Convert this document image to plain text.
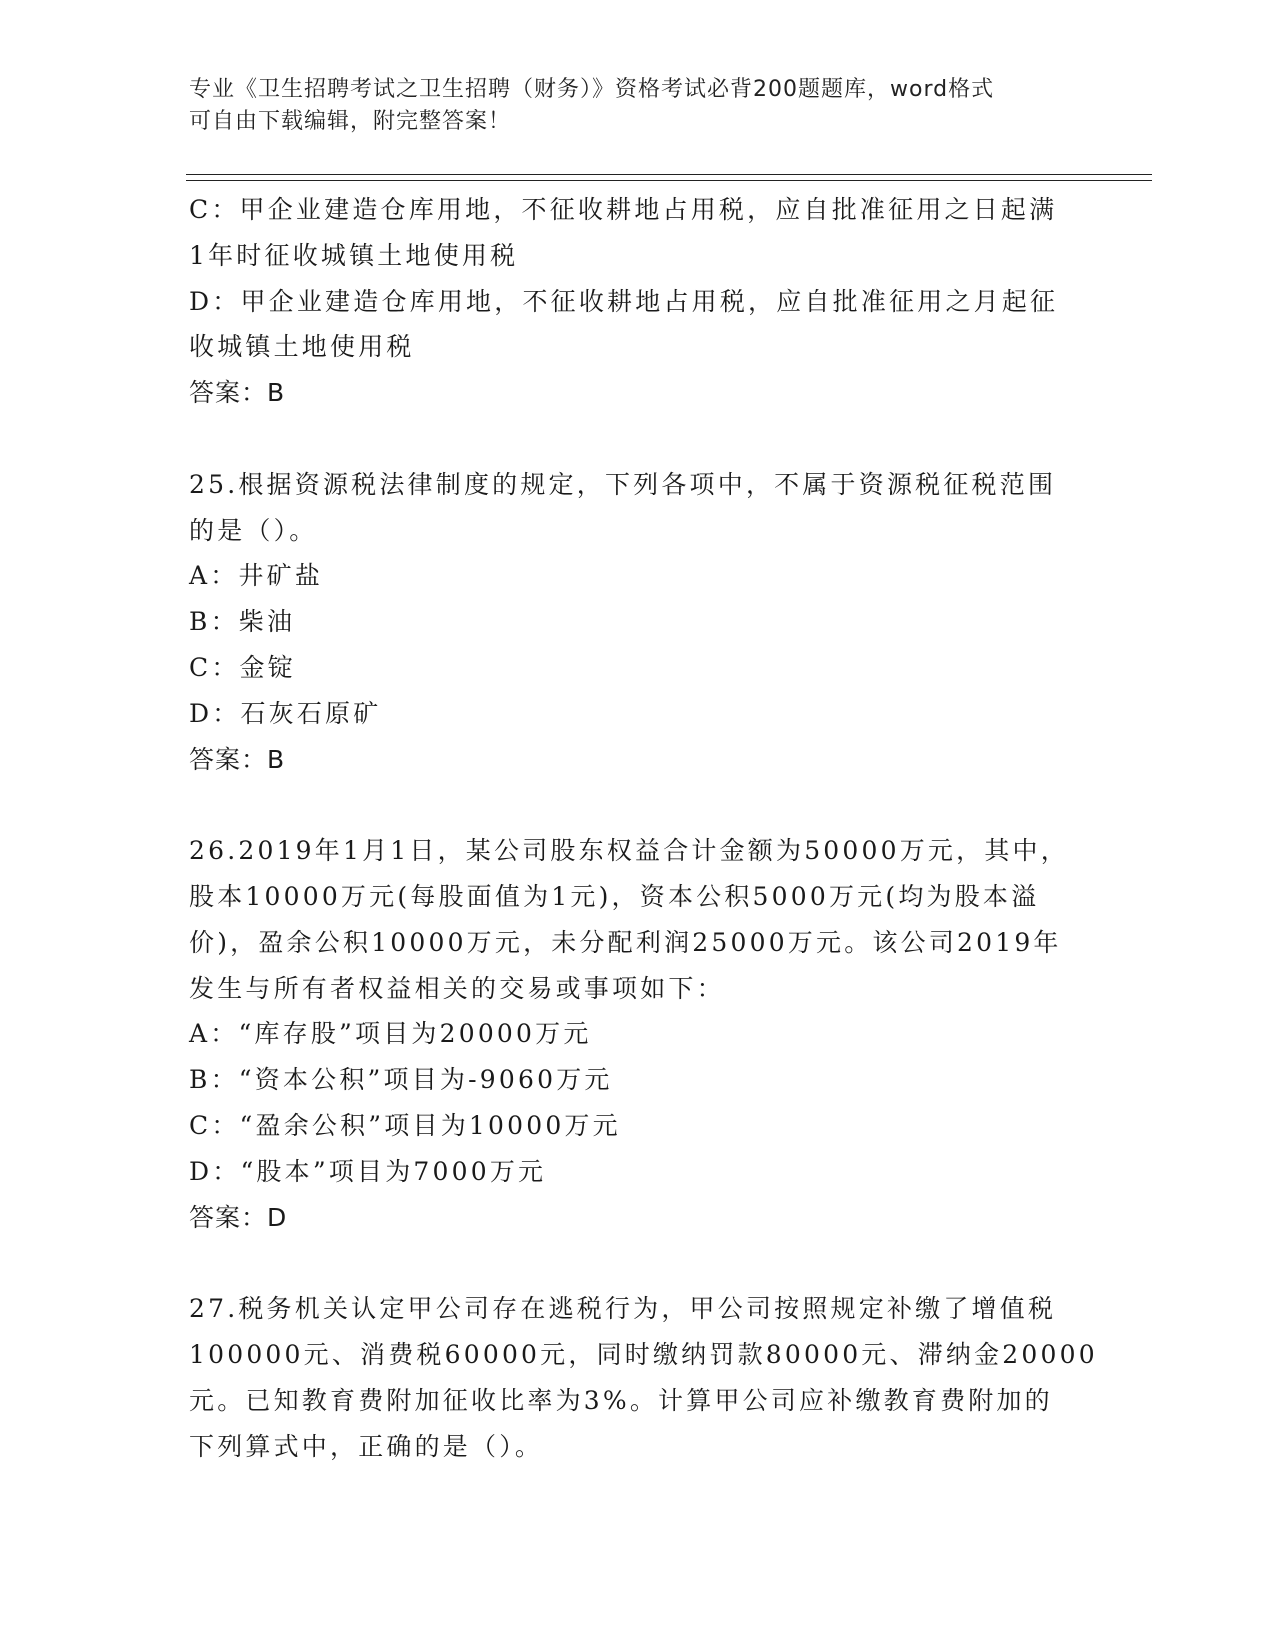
专业《卫生招聘考试之卫生招聘（财务）》资格考试必背200题题库，word格式
可自由下载编辑，附完整答案！
C：甲企业建造仓库用地，不征收耕地占用税，应自批准征用之日起满
1年时征收城镇土地使用税
D：甲企业建造仓库用地，不征收耕地占用税，应自批准征用之月起征
收城镇土地使用税
答案：B
25.根据资源税法律制度的规定，下列各项中，不属于资源税征税范围
的是（）。
A：井矿盐
B：柴油
C：金锭
D：石灰石原矿
答案：B
26.2019年1月1日，某公司股东权益合计金额为50000万元，其中，
股本10000万元(每股面值为1元)，资本公积5000万元(均为股本溢
价)，盈余公积10000万元，未分配利润25000万元。该公司2019年
发生与所有者权益相关的交易或事项如下：
A：“库存股”项目为20000万元
B：“资本公积”项目为-9060万元
C：“盈余公积”项目为10000万元
D：“股本”项目为7000万元
答案：D
27.税务机关认定甲公司存在逃税行为，甲公司按照规定补缴了增值税
100000元、消费税60000元，同时缴纳罚款80000元、滞纳金20000
元。已知教育费附加征收比率为3%。计算甲公司应补缴教育费附加的
下列算式中，正确的是（）。
